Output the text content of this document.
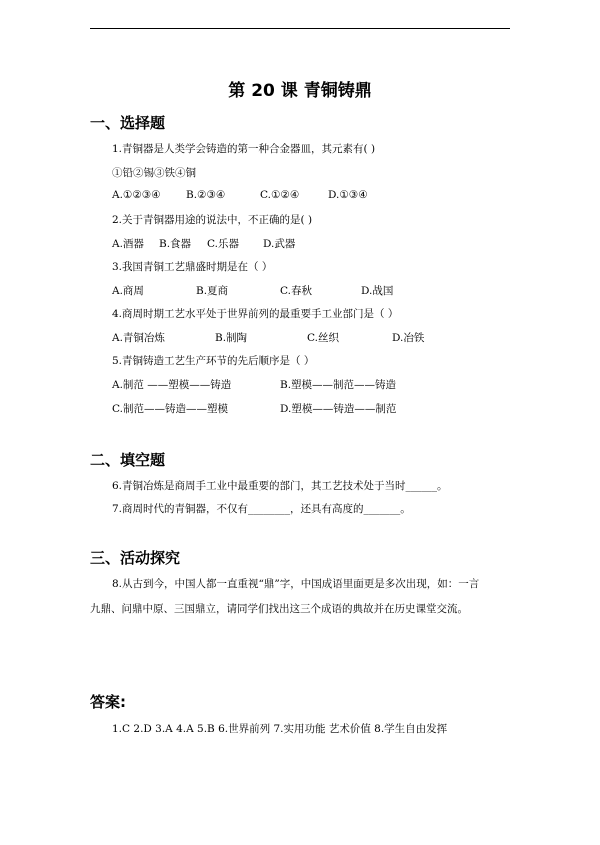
第 20 课 青铜铸鼎
一、选择题
1.青铜器是人类学会铸造的第一种合金器皿，其元素有( )
①铅②锡③铁④铜
A.①②③④ B.②③④	C.①②④	D.①③④
2.关于青铜器用途的说法中，不正确的是( )
A.酒器 B.食器 C.乐器 D.武器
3.我国青铜工艺鼎盛时期是在（ ）
A.商周	B.夏商	C.春秋	D.战国
4.商周时期工艺水平处于世界前列的最重要手工业部门是（ ）
A.青铜冶炼	B.制陶	C.丝织	D.冶铁
5.青铜铸造工艺生产环节的先后顺序是（ ）
A.制范 ——塑模——铸造	B.塑模——制范——铸造
C.制范——铸造——塑模	D.塑模——铸造——制范
二、填空题
6.青铜冶炼是商周手工业中最重要的部门，其工艺技术处于当时______。
7.商周时代的青铜器，不仅有________，还具有高度的_______。
三、活动探究
8.从古到今，中国人都一直重视“鼎”字，中国成语里面更是多次出现，如：一言
九鼎、问鼎中原、三国鼎立，请同学们找出这三个成语的典故并在历史课堂交流。
答案:
1.C 2.D 3.A 4.A 5.B 6.世界前列 7.实用功能 艺术价值 8.学生自由发挥
